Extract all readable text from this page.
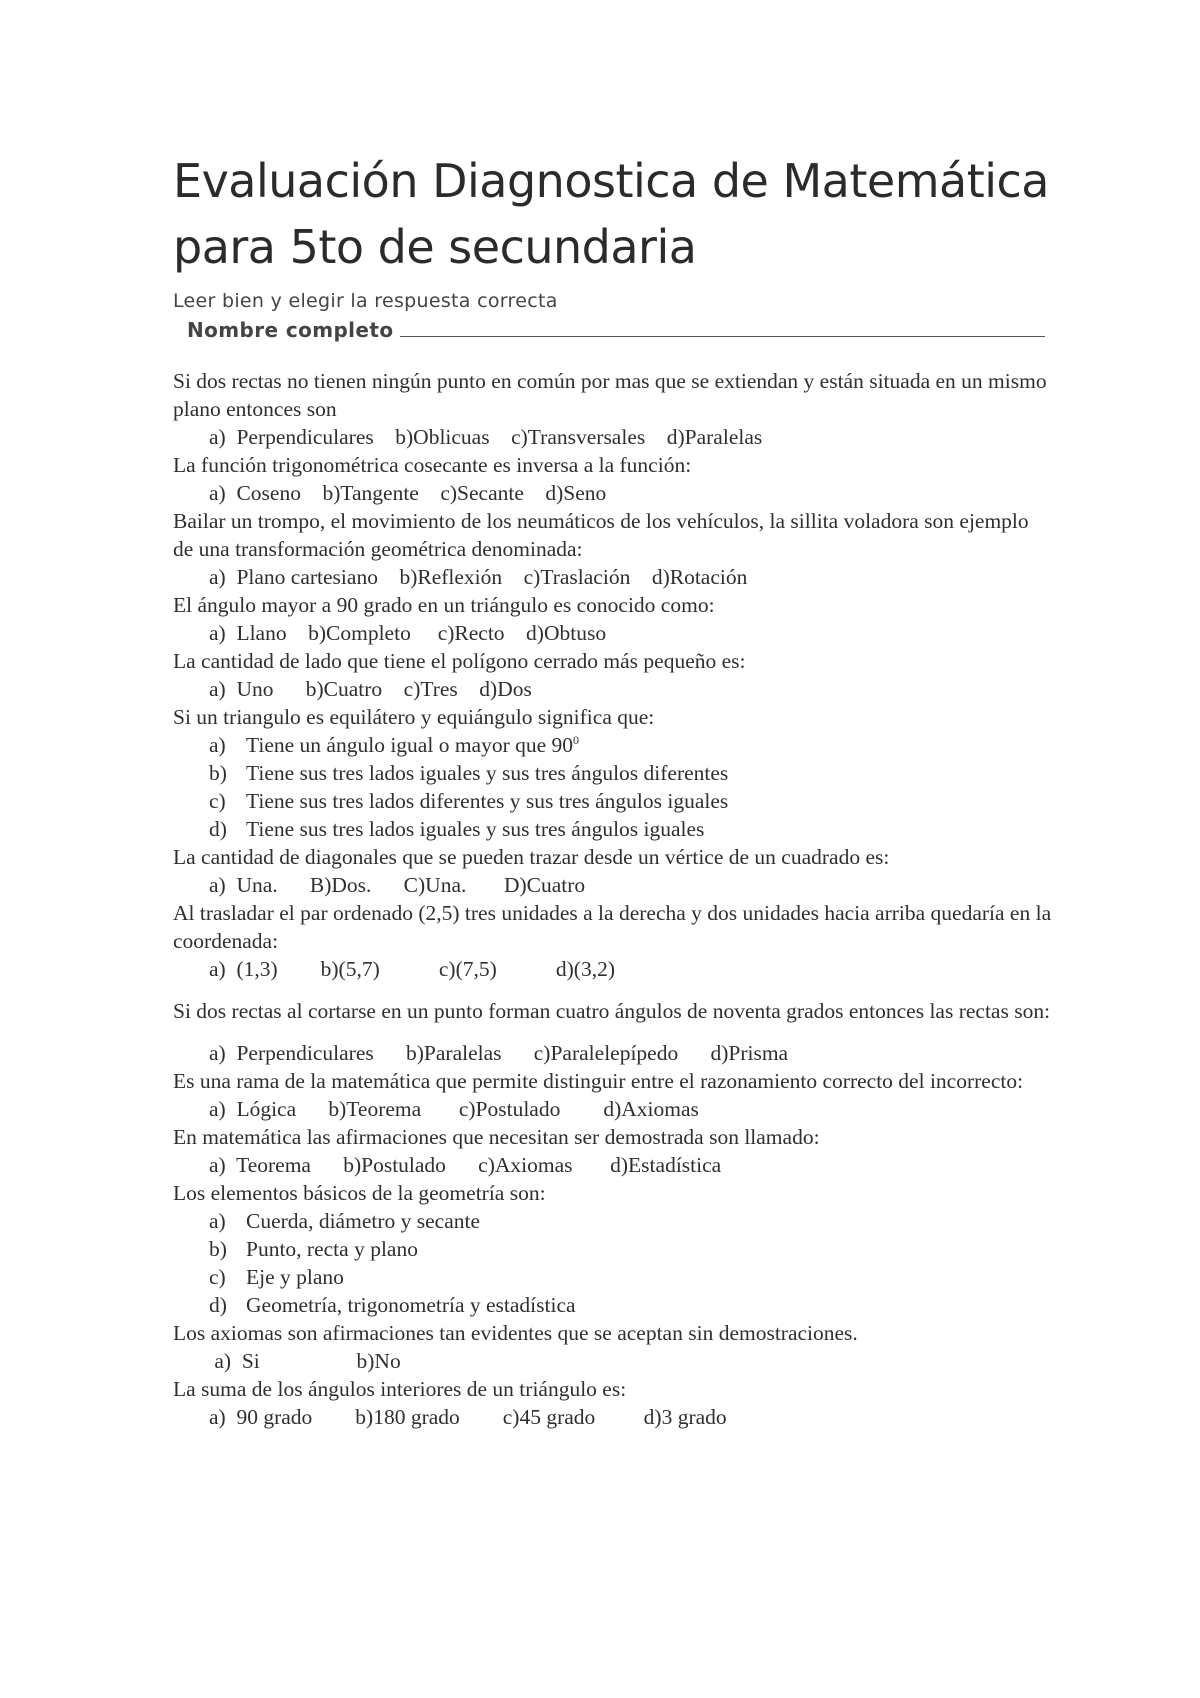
Evaluación Diagnostica de Matemática para 5to de secundaria
Leer bien y elegir la respuesta correcta
Nombre completo
Si dos rectas no tienen ningún punto en común por mas que se extiendan y están situada en un mismo plano entonces son
a)  Perpendiculares    b)Oblicuas    c)Transversales    d)Paralelas
La función trigonométrica cosecante es inversa a la función:
a)  Coseno    b)Tangente    c)Secante    d)Seno
Bailar un trompo, el movimiento de los neumáticos de los vehículos, la sillita voladora son ejemplo de una transformación geométrica denominada:
a)  Plano cartesiano    b)Reflexión    c)Traslación    d)Rotación
El ángulo mayor a 90 grado en un triángulo es conocido como:
a)  Llano    b)Completo     c)Recto    d)Obtuso
La cantidad de lado que tiene el polígono cerrado más pequeño es:
a)  Uno      b)Cuatro    c)Tres    d)Dos
Si un triangulo es equilátero y equiángulo significa que:
a) Tiene un ángulo igual o mayor que $90^0$
b) Tiene sus tres lados iguales y sus tres ángulos diferentes
c) Tiene sus tres lados diferentes y sus tres ángulos iguales
d) Tiene sus tres lados iguales y sus tres ángulos iguales
La cantidad de diagonales que se pueden trazar desde un vértice de un cuadrado es:
a)  Una.      B)Dos.      C)Una.       D)Cuatro
Al trasladar el par ordenado (2,5) tres unidades a la derecha y dos unidades hacia arriba quedaría en la coordenada:
a)  (1,3)        b)(5,7)           c)(7,5)           d)(3,2)
Si dos rectas al cortarse en un punto forman cuatro ángulos de noventa grados entonces las rectas son:
a)  Perpendiculares      b)Paralelas      c)Paralelepípedo      d)Prisma
Es una rama de la matemática que permite distinguir entre el razonamiento correcto del incorrecto:
a)  Lógica      b)Teorema       c)Postulado        d)Axiomas
En matemática las afirmaciones que necesitan ser demostrada son llamado:
a)  Teorema      b)Postulado      c)Axiomas       d)Estadística
Los elementos básicos de la geometría son:
a) Cuerda, diámetro y secante
b) Punto, recta y plano
c) Eje y plano
d) Geometría, trigonometría y estadística
Los axiomas son afirmaciones tan evidentes que se aceptan sin demostraciones.
a)  Si                  b)No
La suma de los ángulos interiores de un triángulo es:
a)  90 grado        b)180 grado        c)45 grado         d)3 grado
